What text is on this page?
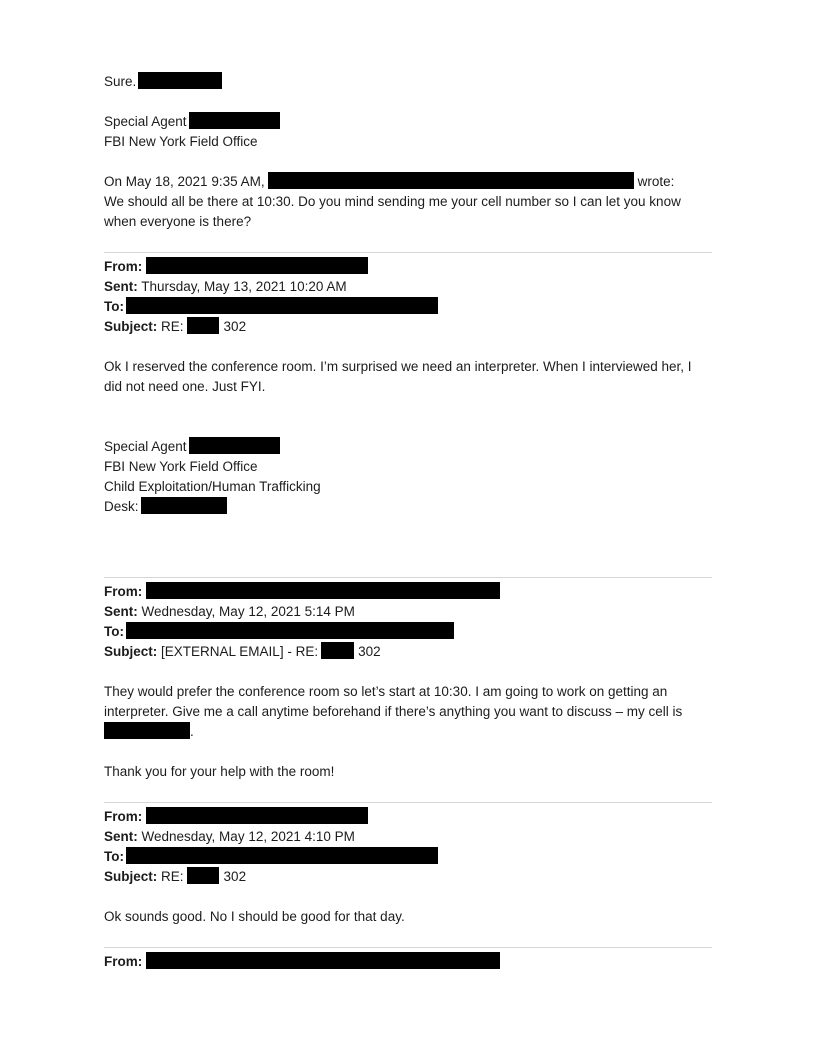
Sure.
Special Agent
FBI New York Field Office
On May 18, 2021 9:35 AM,	wrote:
We should all be there at 10:30. Do you mind sending me your cell number so I can let you know
when everyone is there?
From:
Sent: Thursday, May 13, 2021 10:20 AM
To:
Subject: RE:	302
Ok I reserved the conference room. I’m surprised we need an interpreter. When I interviewed her, I
did not need one. Just FYI.
Special Agent
FBI New York Field Office
Child Exploitation/Human Trafficking
Desk:
From:
Sent: Wednesday, May 12, 2021 5:14 PM
To:
Subject: [EXTERNAL EMAIL] - RE:	302
They would prefer the conference room so let’s start at 10:30. I am going to work on getting an
interpreter. Give me a call anytime beforehand if there’s anything you want to discuss – my cell is
.
Thank you for your help with the room!
From:
Sent: Wednesday, May 12, 2021 4:10 PM
To:
Subject: RE:	302
Ok sounds good. No I should be good for that day.
From:
